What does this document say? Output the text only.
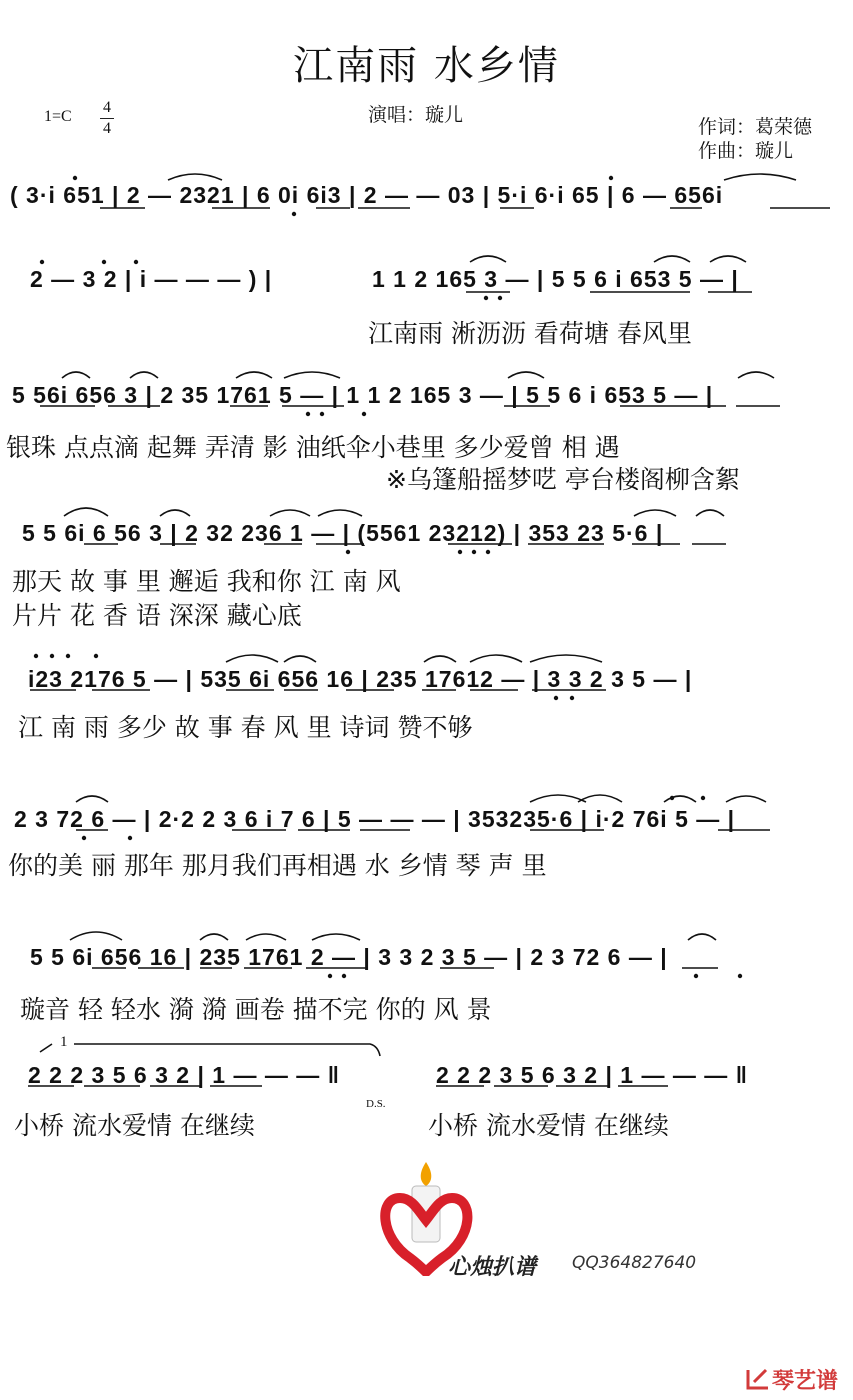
江南雨 水乡情
1=C
4
4
演唱：璇儿
作词：葛荣德
作曲：璇儿
( 3·i 651 | 2 — 2321 | 6 0i 6i3 | 2 — — 03 | 5·i 6·i 65 | 6 — 656i
2 — 3 2 | i — — — ) |	1 1 2 165 3 — | 5 5 6 i 653 5 — |
江南雨 淅沥沥 看荷塘 春风里
5 56i 656 3 | 2 35 1761 5 — | 1 1 2 165 3 — | 5 5 6 i 653 5 — |
银珠 点点滴 起舞 弄清 影 油纸伞小巷里 多少爱曾 相 遇
※乌篷船摇梦呓 亭台楼阁柳含絮
5 5 6i 6 56 3 | 2 32 236 1 — | (5561 23212) | 353 23 5·6 |
那天 故 事 里 邂逅 我和你 江 南 风
片片 花 香 语 深深 藏心底
i23 2176 5 — | 535 6i 656 16 | 235 17612 — | 3 3 2 3 5 — |
江 南 雨 多少 故 事 春 风 里 诗词 赞不够
2 3 72 6 — | 2·2 2 3 6 i 7 6 | 5 — — — | 353235·6 | i·2 76i 5 — |
你的美 丽 那年 那月我们再相遇 水 乡情 琴 声 里
5 5 6i 656 16 | 235 1761 2 — | 3 3 2 3 5 — | 2 3 72 6 — |
璇音 轻 轻水 漪 漪 画卷 描不完 你的 风 景
1
2 2 2 3 5 6 3 2 | 1 — — — ‖	2 2 2 3 5 6 3 2 | 1 — — — ‖
D.S.
小桥 流水爱情 在继续	小桥 流水爱情 在继续
心烛扒谱 QQ364827640
琴艺谱
